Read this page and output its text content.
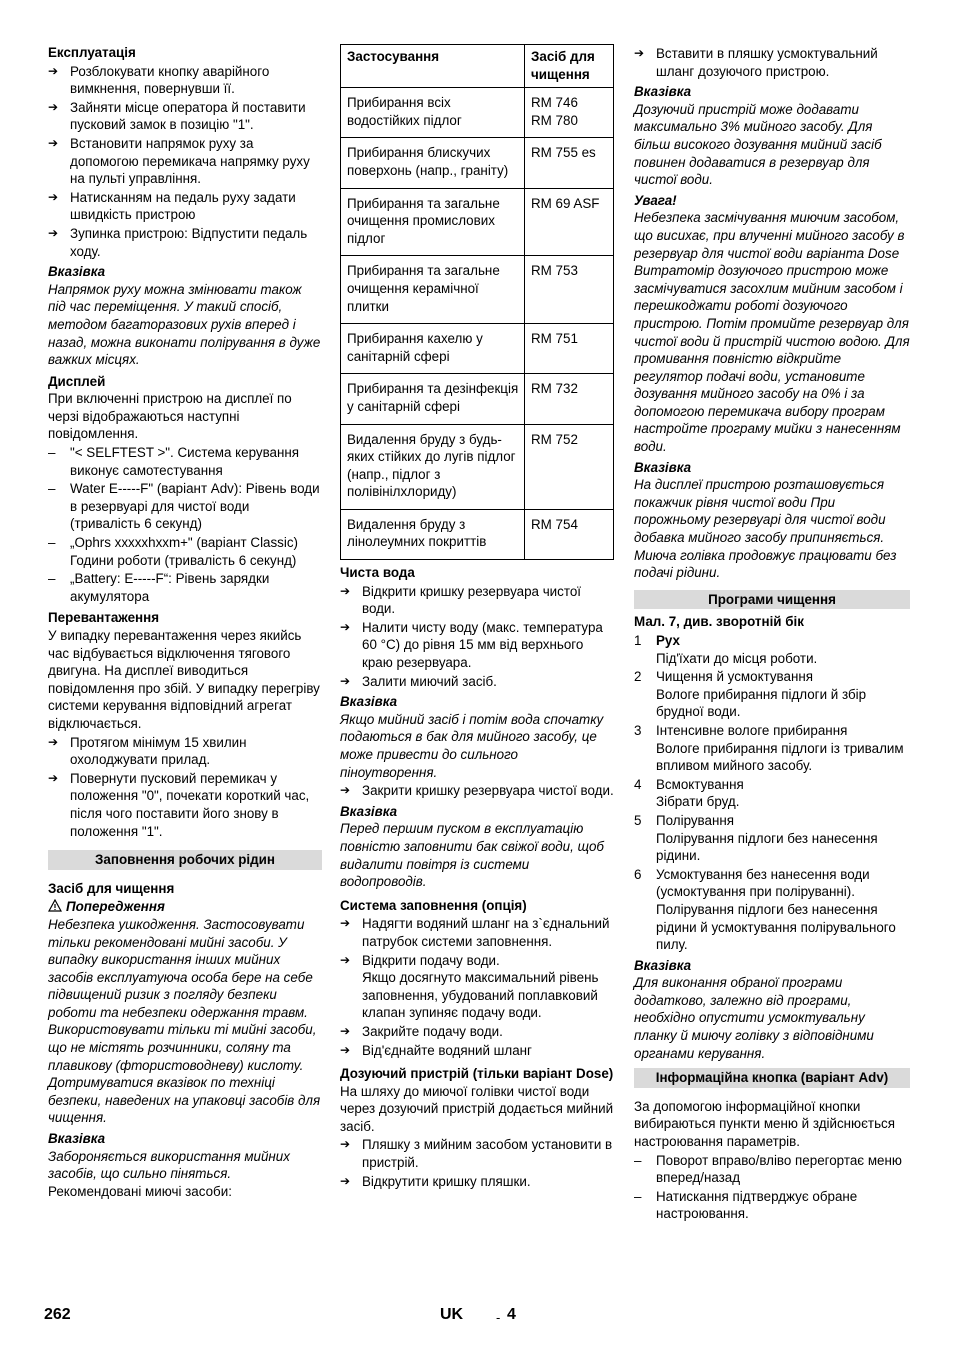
Експлуатація

➔ Розблокувати кнопку аварійного вимкнення, повернувши її.

➔ Зайняти місце оператора й поставити пусковий замок в позицію "1".

➔ Встановити напрямок руху за допомогою перемикача напрямку руху на пульті управління.

➔ Натисканням на педаль руху задати швидкість пристрою

➔ Зупинка пристрою: Відпустити педаль ходу.

Вказівка

Напрямок руху можна змінювати також під час переміщення. У такий спосіб, методом багаторазових рухів вперед і назад, можна виконати полірування в дуже важких місцях.

Дисплей

При включенні пристрою на дисплеї по черзі відображаються наступні повідомлення.

– "< SELFTEST >". Система керування виконує самотестування

– Water E-----F" (варіант Adv): Рівень води в резервуарі для чистої води (тривалість 6 секунд)

– „Ophrs xxxxxhxxm+" (варіант Classic) Години роботи (тривалість 6 секунд)

– „Battery: E-----F“: Рівень зарядки акумулятора

Перевантаження

У випадку перевантаження через якийсь час відбувається відключення тягового двигуна. На дисплеї виводиться повідомлення про збій. У випадку перегріву системи керування відповідний агрегат відключається.

➔ Протягом мінімум 15 хвилин охолоджувати прилад.

➔ Повернути пусковий перемикач у положення "0", почекати короткий час, після чого поставити його знову в положення "1".

Заповнення робочих рідин

Засіб для чищення

Попередження

Небезпека ушкодження. Застосовувати тільки рекомендовані мийні засоби. У випадку використання інших мийних засобів експлуатуюча особа бере на себе підвищений ризик з погляду безпеки роботи та небезпеки одержання травм. Використовувати тільки ті мийні засоби, що не містять розчинники, соляну та плавикову (фтористоводневу) кислоту. Дотримуватися вказівок по техніці безпеки, наведених на упаковці засобів для чищення.

Вказівка

Забороняється використання мийних засобів, що сильно піняться.

Рекомендовані миючі засоби:

Застосування	Засіб для чищення
Прибирання всіх водостійких підлог	RM 746
RM 780
Прибирання блискучих поверхонь (напр., граніту)	RM 755 es
Прибирання та загальне очищення промислових підлог	RM 69 ASF
Прибирання та загальне очищення керамічної плитки	RM 753
Прибирання кахелю у санітарній сфері	RM 751
Прибирання та дезінфекція у санітарній сфері	RM 732
Видалення бруду з будь-яких стійких до лугів підлог (напр., підлог з полівінілхлориду)	RM 752
Видалення бруду з лінолеумних покриттів	RM 754

Чиста вода

➔ Відкрити кришку резервуара чистої води.

➔ Налити чисту воду (макс. температура 60 °C) до рівня 15 мм від верхнього краю резервуара.

➔ Залити миючий засіб.

Вказівка

Якщо мийний засіб і потім вода спочатку подаються в бак для мийного засобу, це може привести до сильного піноутворення.

➔ Закрити кришку резервуара чистої води.

Вказівка

Перед першим пуском в експлуатацію повністю заповнити бак свіжої води, щоб видалити повітря із системи водопроводів.

Система заповнення (опція)

➔ Надягти водяний шланг на з`єднальний патрубок системи заповнення.

➔ Відкрити подачу води.
Якщо досягнуто максимальний рівень заповнення, убудований поплавковий клапан зупиняє подачу води.

➔ Закрийте подачу води.

➔ Від'єднайте водяний шланг

Дозуючий пристрій (тільки варіант Dose)

На шляху до миючої голівки чистої води через дозуючий пристрій додається мийний засіб.

➔ Пляшку з мийним засобом установити в пристрій.

➔ Відкрутити кришку пляшки.

➔ Вставити в пляшку усмоктувальний шланг дозуючого пристрою.

Вказівка

Дозуючий пристрій може додавати максимально 3% мийного засобу. Для більш високого дозування мийний засіб повинен додаватися в резервуар для чистої води.

Увага!

Небезпека засмічування миючим засобом, що висихає, при влученні мийного засобу в резервуар для чистої води варіанта Dose Витратомір дозуючого пристрою може засмічуватися засохлим мийним засобом і перешкоджати роботі дозуючого пристрою. Потім промийте резервуар для чистої води й пристрій чистою водою. Для промивання повністю відкрийте регулятор подачі води, установите дозування мийного засобу на 0% і за допомогою перемикача вибору програм настройте програму мийки з нанесенням води.

Вказівка

На дисплеї пристрою розташовується покажчик рівня чистої води При порожньому резервуарі для чистої води добавка мийного засобу припиняється. Миюча голівка продовжує працювати без подачі рідини.

Програми чищення

Мал. 7, див. зворотній бік

1 Рух

Під'їхати до місця роботи.

2 Чищення й усмоктування

Вологе прибирання підлоги й збір брудної води.

3 Інтенсивне вологе прибирання

Вологе прибирання підлоги із тривалим впливом мийного засобу.

4 Всмоктування

Зібрати бруд.

5 Полірування

Полірування підлоги без нанесення рідини.

6 Усмоктування без нанесення води (усмоктування при поліруванні).

Полірування підлоги без нанесення рідини й усмоктування полірувального пилу.

Вказівка

Для виконання обраної програми додатково, залежно від програми, необхідно опустити усмоктувальну планку й миючу голівку з відповідними органами керування.

Інформаційна кнопка (варіант Adv)

За допомогою інформаційної кнопки вибираються пункти меню й здійснюється настроювання параметрів.

– Поворот вправо/вліво перегортає меню вперед/назад

– Натискання підтверджує обране настроювання.

262	UK	- 4
